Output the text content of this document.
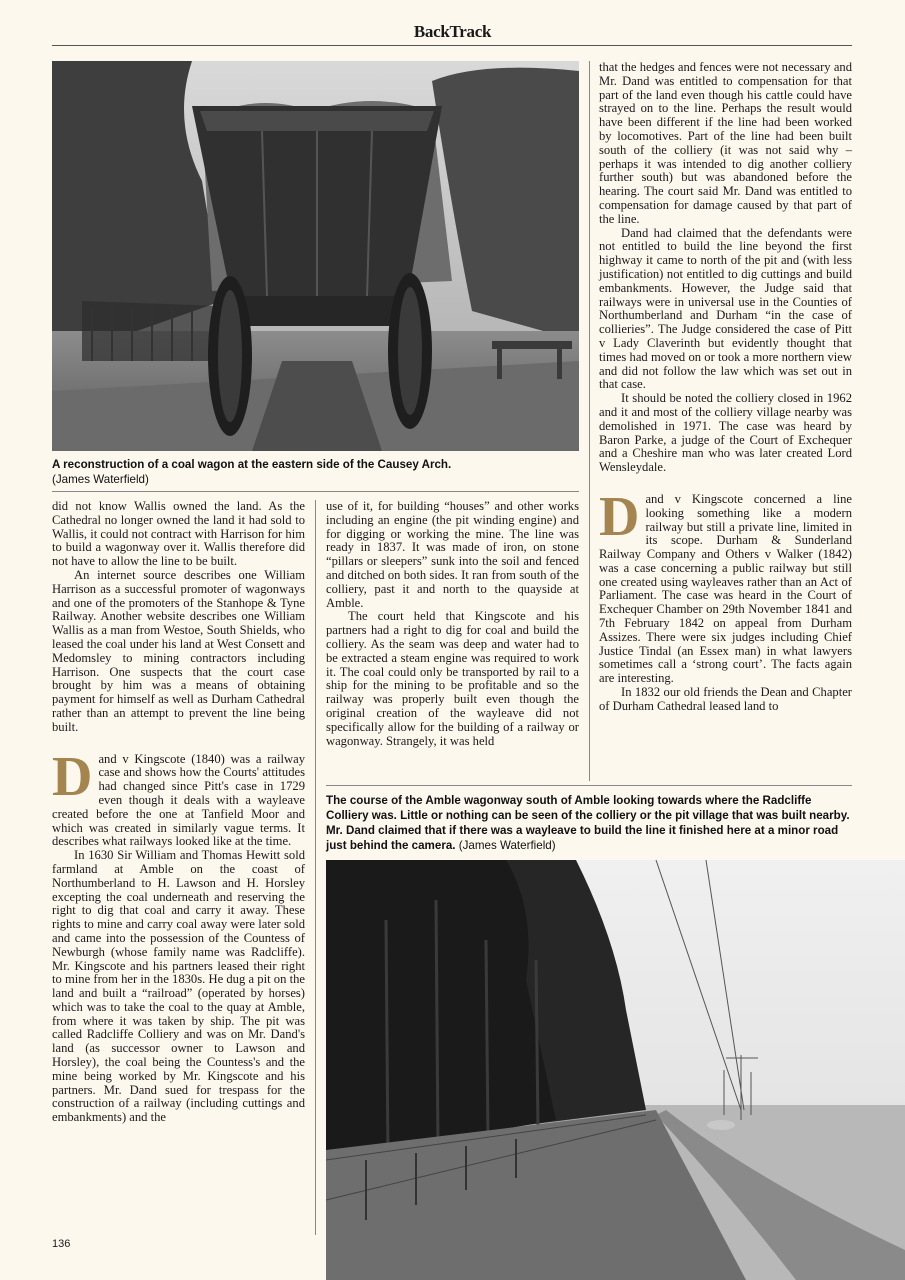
BackTrack
A reconstruction of a coal wagon at the eastern side of the Causey Arch.
(James Waterfield)

did not know Wallis owned the land. As the Cathedral no longer owned the land it had sold to Wallis, it could not contract with Harrison for him to build a wagonway over it. Wallis therefore did not have to allow the line to be built.

An internet source describes one William Harrison as a successful promoter of wagonways and one of the promoters of the Stanhope & Tyne Railway. Another website describes one William Wallis as a man from Westoe, South Shields, who leased the coal under his land at West Consett and Medomsley to mining contractors including Harrison. One suspects that the court case brought by him was a means of obtaining payment for himself as well as Durham Cathedral rather than an attempt to prevent the line being built.

Dand v Kingscote (1840) was a railway case and shows how the Courts' attitudes had changed since Pitt's case in 1729 even though it deals with a wayleave created before the one at Tanfield Moor and which was created in similarly vague terms. It describes what railways looked like at the time.

In 1630 Sir William and Thomas Hewitt sold farmland at Amble on the coast of Northumberland to H. Lawson and H. Horsley excepting the coal underneath and reserving the right to dig that coal and carry it away. These rights to mine and carry coal away were later sold and came into the possession of the Countess of Newburgh (whose family name was Radcliffe). Mr. Kingscote and his partners leased their right to mine from her in the 1830s. He dug a pit on the land and built a “railroad” (operated by horses) which was to take the coal to the quay at Amble, from where it was taken by ship. The pit was called Radcliffe Colliery and was on Mr. Dand's land (as successor owner to Lawson and Horsley), the coal being the Countess's and the mine being worked by Mr. Kingscote and his partners. Mr. Dand sued for trespass for the construction of a railway (including cuttings and embankments) and the

use of it, for building “houses” and other works including an engine (the pit winding engine) and for digging or working the mine. The line was ready in 1837. It was made of iron, on stone “pillars or sleepers” sunk into the soil and fenced and ditched on both sides. It ran from south of the colliery, past it and north to the quayside at Amble.

The court held that Kingscote and his partners had a right to dig for coal and build the colliery. As the seam was deep and water had to be extracted a steam engine was required to work it. The coal could only be transported by rail to a ship for the mining to be profitable and so the railway was properly built even though the original creation of the wayleave did not specifically allow for the building of a railway or wagonway. Strangely, it was held

that the hedges and fences were not necessary and Mr. Dand was entitled to compensation for that part of the land even though his cattle could have strayed on to the line. Perhaps the result would have been different if the line had been worked by locomotives. Part of the line had been built south of the colliery (it was not said why – perhaps it was intended to dig another colliery further south) but was abandoned before the hearing. The court said Mr. Dand was entitled to compensation for damage caused by that part of the line.

Dand had claimed that the defendants were not entitled to build the line beyond the first highway it came to north of the pit and (with less justification) not entitled to dig cuttings and build embankments. However, the Judge said that railways were in universal use in the Counties of Northumberland and Durham “in the case of collieries”. The Judge considered the case of Pitt v Lady Claverinth but evidently thought that times had moved on or took a more northern view and did not follow the law which was set out in that case.

It should be noted the colliery closed in 1962 and it and most of the colliery village nearby was demolished in 1971. The case was heard by Baron Parke, a judge of the Court of Exchequer and a Cheshire man who was later created Lord Wensleydale.

Dand v Kingscote concerned a line looking something like a modern railway but still a private line, limited in its scope. Durham & Sunderland Railway Company and Others v Walker (1842) was a case concerning a public railway but still one created using wayleaves rather than an Act of Parliament. The case was heard in the Court of Exchequer Chamber on 29th November 1841 and 7th February 1842 on appeal from Durham Assizes. There were six judges including Chief Justice Tindal (an Essex man) in what lawyers sometimes call a ‘strong court’. The facts again are interesting.

In 1832 our old friends the Dean and Chapter of Durham Cathedral leased land to

The course of the Amble wagonway south of Amble looking towards where the Radcliffe Colliery was. Little or nothing can be seen of the colliery or the pit village that was built nearby. Mr. Dand claimed that if there was a wayleave to build the line it finished here at a minor road just behind the camera. (James Waterfield)
136
